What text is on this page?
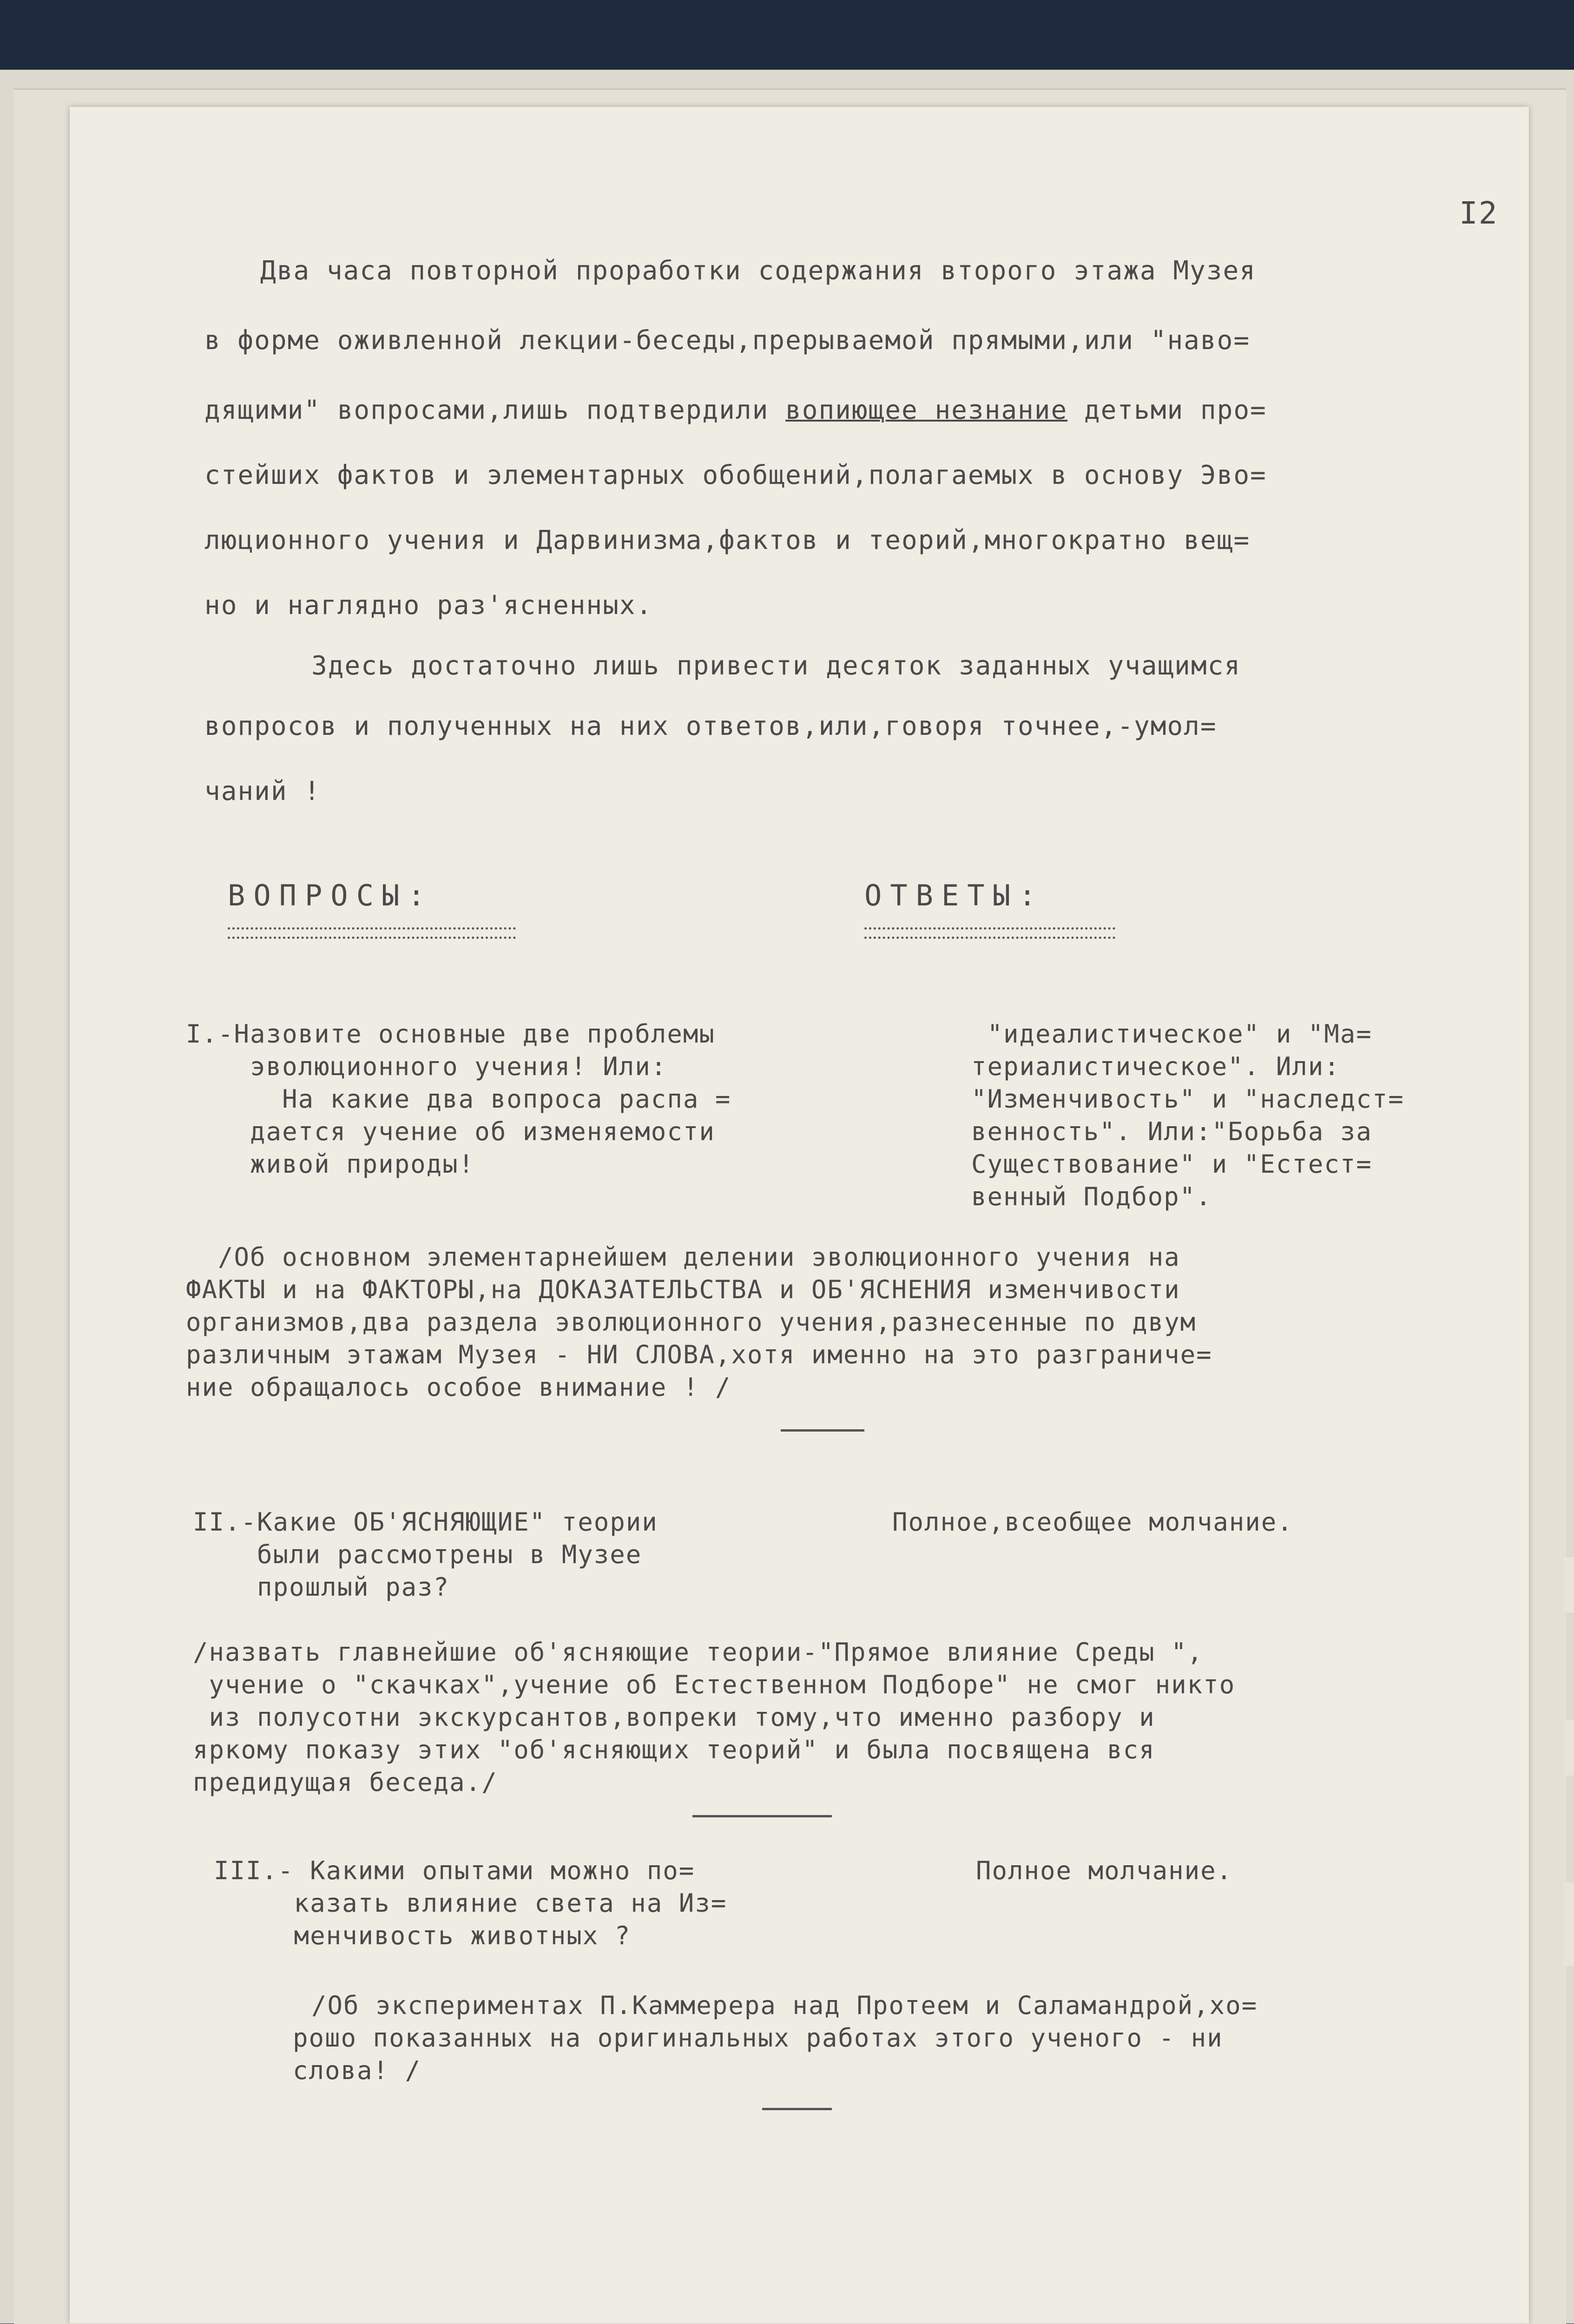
I2
Два часа повторной проработки содержания второго этажа Музея
в форме оживленной лекции-беседы,прерываемой прямыми,или "наво=
дящими" вопросами,лишь подтвердили вопиющее незнание детьми про=
стейших фактов и элементарных обобщений,полагаемых в основу Эво=
люционного учения и Дарвинизма,фактов и теорий,многократно вещ=
но и наглядно раз'ясненных.
Здесь достаточно лишь привести десяток заданных учащимся
вопросов и полученных на них ответов,или,говоря точнее,-умол=
чаний !
ВОПРОСЫ:	ОТВЕТЫ:
I.-Назовите основные две проблемы
эволюционного учения! Или:
На какие два вопроса распа =
дается учение об изменяемости
живой природы!
"идеалистическое" и "Ма=
териалистическое". Или:
"Изменчивость" и "наследст=
венность". Или:"Борьба за
Существование" и "Естест=
венный Подбор".
/Об основном элементарнейшем делении эволюционного учения на
ФАКТЫ и на ФАКТОРЫ,на ДОКАЗАТЕЛЬСТВА и ОБ'ЯСНЕНИЯ изменчивости
организмов,два раздела эволюционного учения,разнесенные по двум
различным этажам Музея - НИ СЛОВА,хотя именно на это разграниче=
ние обращалось особое внимание ! /
II.-Какие ОБ'ЯСНЯЮЩИЕ" теории
были рассмотрены в Музее
прошлый раз?
Полное,всеобщее молчание.
/назвать главнейшие об'ясняющие теории-"Прямое влияние Среды ",
учение о "скачках",учение об Естественном Подборе" не смог никто
из полусотни экскурсантов,вопреки тому,что именно разбору и
яркому показу этих "об'ясняющих теорий" и была посвящена вся
предидущая беседа./
III.- Какими опытами можно по=
казать влияние света на Из=
менчивость животных ?
Полное молчание.
/Об экспериментах П.Каммерера над Протеем и Саламандрой,хо=
рошо показанных на оригинальных работах этого ученого - ни
слова! /
